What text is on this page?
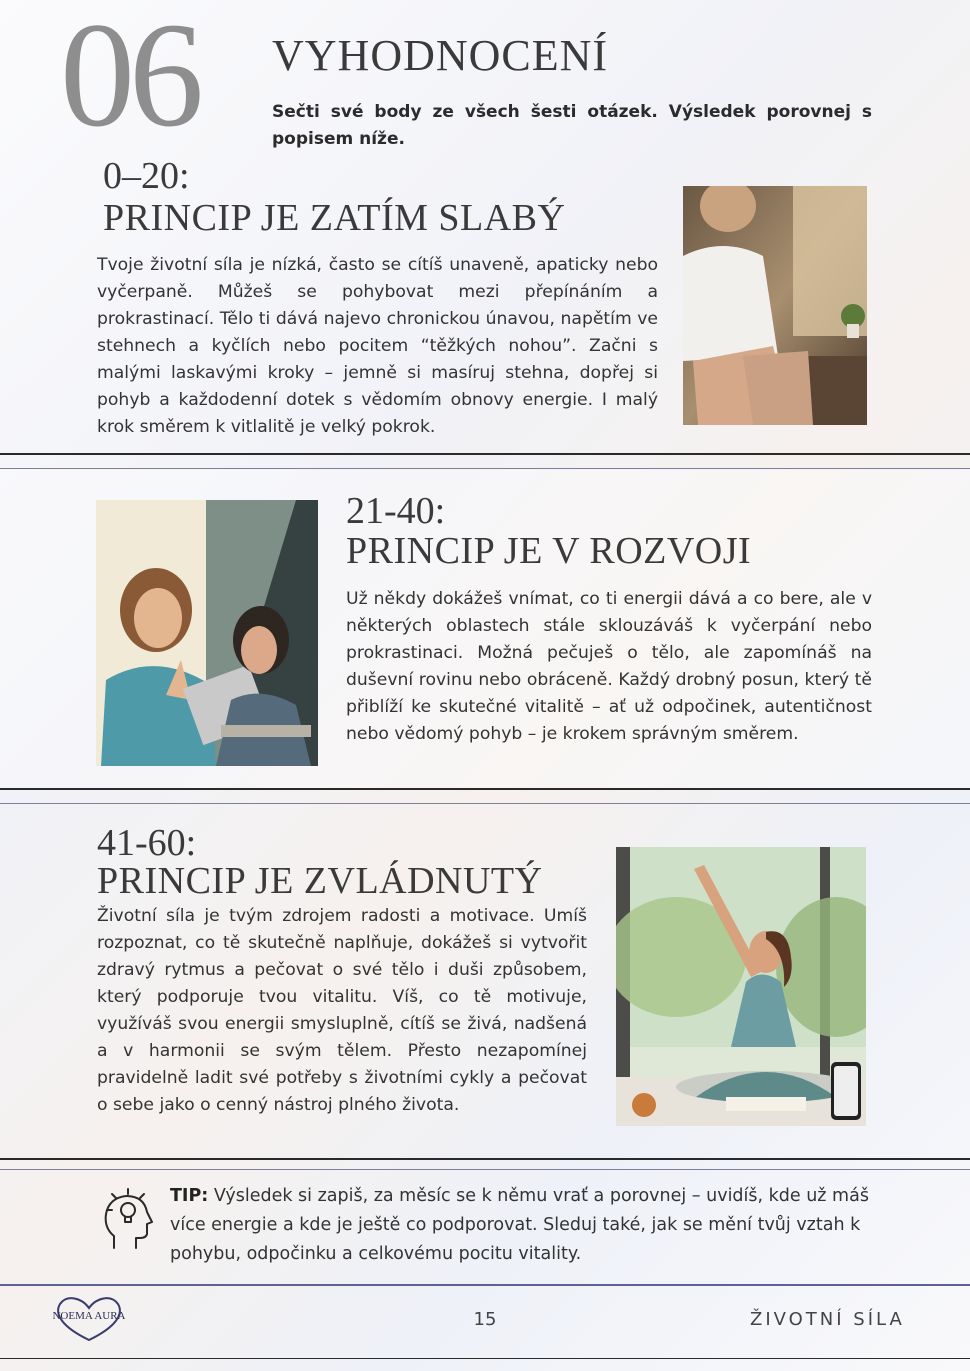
06 VYHODNOCENÍ
Sečti své body ze všech šesti otázek. Výsledek porovnej s popisem níže.
0–20:
PRINCIP JE ZATÍM SLABÝ
Tvoje životní síla je nízká, často se cítíš unaveně, apaticky nebo vyčerpaně. Můžeš se pohybovat mezi přepínáním a prokrastinací. Tělo ti dává najevo chronickou únavou, napětím ve stehnech a kyčlích nebo pocitem “těžkých nohou”. Začni s malými laskavými kroky – jemně si masíruj stehna, dopřej si pohyb a každodenní dotek s vědomím obnovy energie. I malý krok směrem k vitlalitě je velký pokrok.
21-40:
PRINCIP JE V ROZVOJI
Už někdy dokážeš vnímat, co ti energii dává a co bere, ale v některých oblastech stále sklouzáváš k vyčerpání nebo prokrastinaci. Možná pečuješ o tělo, ale zapomínáš na duševní rovinu nebo obráceně. Každý drobný posun, který tě přiblíží ke skutečné vitalitě – ať už odpočinek, autentičnost nebo vědomý pohyb – je krokem správným směrem.
41-60:
PRINCIP JE ZVLÁDNUTÝ
Životní síla je tvým zdrojem radosti a motivace. Umíš rozpoznat, co tě skutečně naplňuje, dokážeš si vytvořit zdravý rytmus a pečovat o své tělo i duši způsobem, který podporuje tvou vitalitu. Víš, co tě motivuje, využíváš svou energii smysluplně, cítíš se živá, nadšená a v harmonii se svým tělem. Přesto nezapomínej pravidelně ladit své potřeby s životními cykly a pečovat o sebe jako o cenný nástroj plného života.
TIP: Výsledek si zapiš, za měsíc se k němu vrať a porovnej – uvidíš, kde už máš více energie a kde je ještě co podporovat. Sleduj také, jak se mění tvůj vztah k pohybu, odpočinku a celkovému pocitu vitality.
NOEMA AURA	15	ŽIVOTNÍ SÍLA
